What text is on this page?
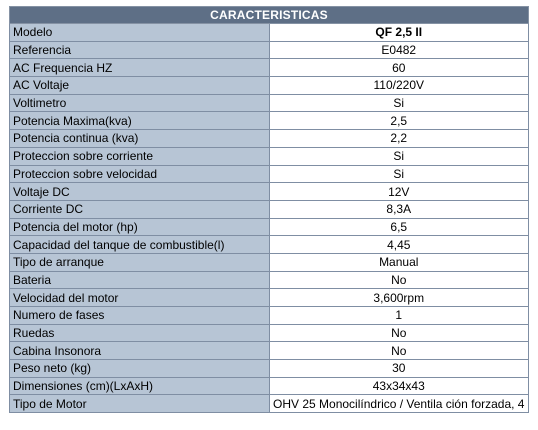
CARACTERISTICAS	
Modelo	QF 2,5 II
Referencia	E0482
AC Frequencia HZ	60
AC Voltaje	110/220V
Voltimetro	Si
Potencia Maxima(kva)	2,5
Potencia continua (kva)	2,2
Proteccion sobre corriente	Si
Proteccion sobre velocidad	Si
Voltaje DC	12V
Corriente DC	8,3A
Potencia del motor (hp)	6,5
Capacidad del tanque de combustible(l)	4,45
Tipo de arranque	Manual
Bateria	No
Velocidad del motor	3,600rpm
Numero de fases	1
Ruedas	No
Cabina Insonora	No
Peso neto (kg)	30
Dimensiones (cm)(LxAxH)	43x34x43
Tipo de Motor	OHV 25 Monocilíndrico / Ventila ción forzada, 4
